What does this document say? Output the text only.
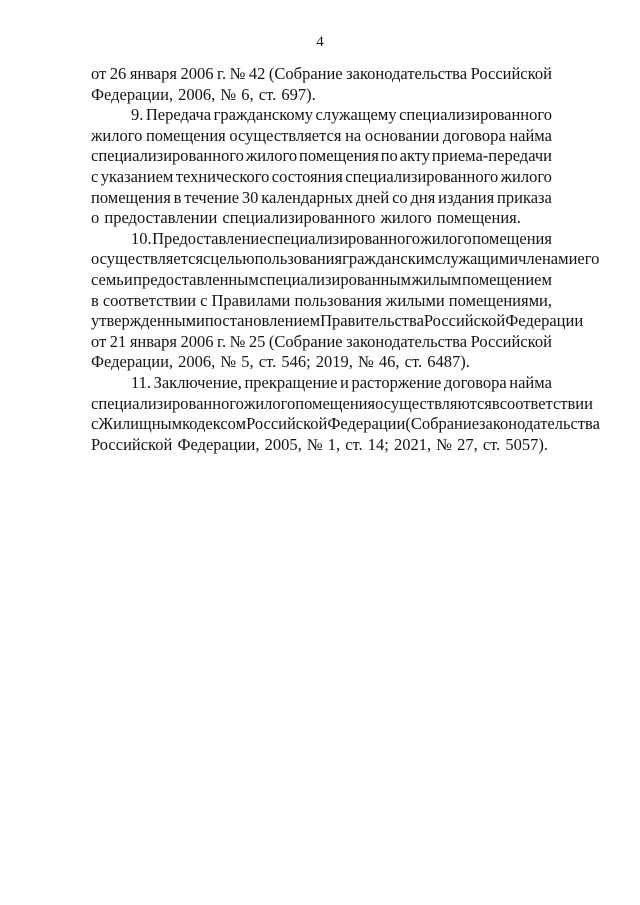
4
от 26 января 2006 г. № 42 (Собрание законодательства Российской
Федерации, 2006, № 6, ст. 697).
9. Передача гражданскому служащему специализированного
жилого помещения осуществляется на основании договора найма
специализированного жилого помещения по акту приема-передачи
с указанием технического состояния специализированного жилого
помещения в течение 30 календарных дней со дня издания приказа
о предоставлении специализированного жилого помещения.
10. Предоставление специализированного жилого помещения
осуществляется с целью пользования гражданским служащим и членами его
семьи предоставленным специализированным жилым помещением
в соответствии с Правилами пользования жилыми помещениями,
утвержденными постановлением Правительства Российской Федерации
от 21 января 2006 г. № 25 (Собрание законодательства Российской
Федерации, 2006, № 5, ст. 546; 2019, № 46, ст. 6487).
11. Заключение, прекращение и расторжение договора найма
специализированного жилого помещения осуществляются в соответствии
с Жилищным кодексом Российской Федерации (Собрание законодательства
Российской Федерации, 2005, № 1, ст. 14; 2021, № 27, ст. 5057).
